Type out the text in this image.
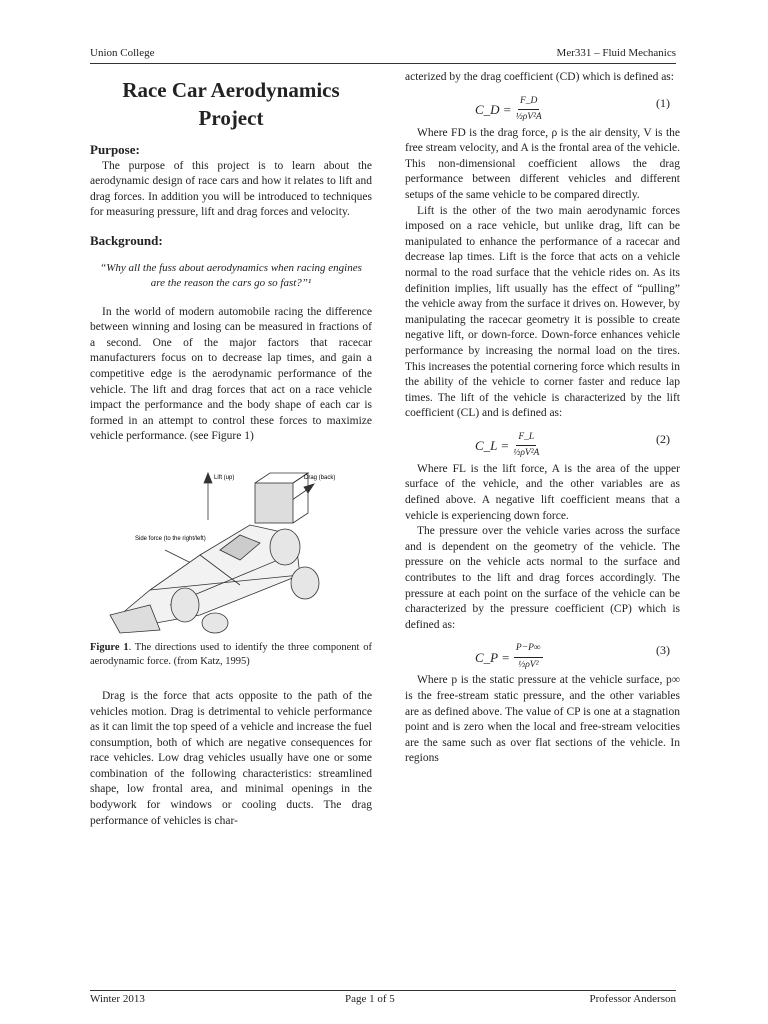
Union College	Mer331 – Fluid Mechanics
Race Car Aerodynamics Project
Purpose:

The purpose of this project is to learn about the aerodynamic design of race cars and how it relates to lift and drag forces. In addition you will be introduced to techniques for measuring pressure, lift and drag forces and velocity.

Background:
“Why all the fuss about aerodynamics when racing engines are the reason the cars go so fast?”¹

In the world of modern automobile racing the difference between winning and losing can be measured in fractions of a second. One of the major factors that racecar manufacturers focus on to decrease lap times, and gain a competitive edge is the aerodynamic performance of the vehicle. The lift and drag forces that act on a race vehicle impact the performance and the body shape of each car is formed in an attempt to control these forces to maximize vehicle performance. (see Figure 1)

Lift (up)	Drag (back)
Side force (to the right/left)
Figure 1. The directions used to identify the three component of aerodynamic force. (from Katz, 1995)

Drag is the force that acts opposite to the path of the vehicles motion. Drag is detrimental to vehicle performance as it can limit the top speed of a vehicle and increase the fuel consumption, both of which are negative consequences for race vehicles. Low drag vehicles usually have one or some combination of the following characteristics: streamlined shape, low frontal area, and minimal openings in the bodywork for windows or cooling ducts. The drag performance of vehicles is char-

acterized by the drag coefficient (CD) which is defined as:

C_D = $\frac{F\_D}{\text{½ρV²A}}$	(1)

Where FD is the drag force, ρ is the air density, V is the free stream velocity, and A is the frontal area of the vehicle. This non-dimensional coefficient allows the drag performance between different vehicles and different setups of the same vehicle to be compared directly.

Lift is the other of the two main aerodynamic forces imposed on a race vehicle, but unlike drag, lift can be manipulated to enhance the performance of a racecar and decrease lap times. Lift is the force that acts on a vehicle normal to the road surface that the vehicle rides on. As its definition implies, lift usually has the effect of “pulling” the vehicle away from the surface it drives on. However, by manipulating the racecar geometry it is possible to create negative lift, or down-force. Down-force enhances vehicle performance by increasing the normal load on the tires. This increases the potential cornering force which results in the ability of the vehicle to corner faster and reduce lap times. The lift of the vehicle is characterized by the lift coefficient (CL) and is defined as:

C_L = $\frac{F\_L}{\text{½ρV²A}}$	(2)

Where FL is the lift force, A is the area of the upper surface of the vehicle, and the other variables are as defined above. A negative lift coefficient means that a vehicle is experiencing down force.

The pressure over the vehicle varies across the surface and is dependent on the geometry of the vehicle. The pressure on the vehicle acts normal to the surface and contributes to the lift and drag forces accordingly. The pressure at each point on the surface of the vehicle can be characterized by the pressure coefficient (CP) which is defined as:

C_P = $\frac{P-P\infty}{\text{½ρV²}}$	(3)

Where p is the static pressure at the vehicle surface, p∞ is the free-stream static pressure, and the other variables are as defined above. The value of CP is one at a stagnation point and is zero when the local and free-stream velocities are the same such as over flat sections of the vehicle. In regions

Winter 2013	Page 1 of 5	Professor Anderson
